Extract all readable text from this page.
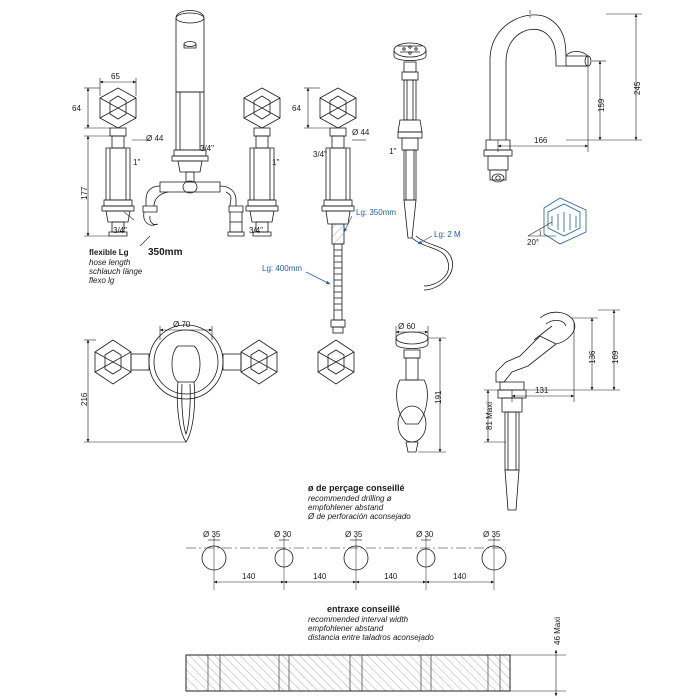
65
64
177
Ø 44
3/4"
1"
3/4"
3/4"
1"
64
Ø 44
3/4"	1"
159
245
166
20°
flexible Lg 350mm
hose length
schlauch länge
flexo lg
Lg: 350mm
Lg: 2 M
Lg: 400mm
Ø 70
216
Ø 60
191
136 169
131
81 Maxi
ø de perçage conseillé
recommended drilling ø
empfohlener abstand
Ø de perforación aconsejado
Ø 35	Ø 30	Ø 35	Ø 30	Ø 35
140	140	140	140
entraxe conseillé
recommended interval width
empfohlener abstand
distancia entre taladros aconsejado	46 Maxi
